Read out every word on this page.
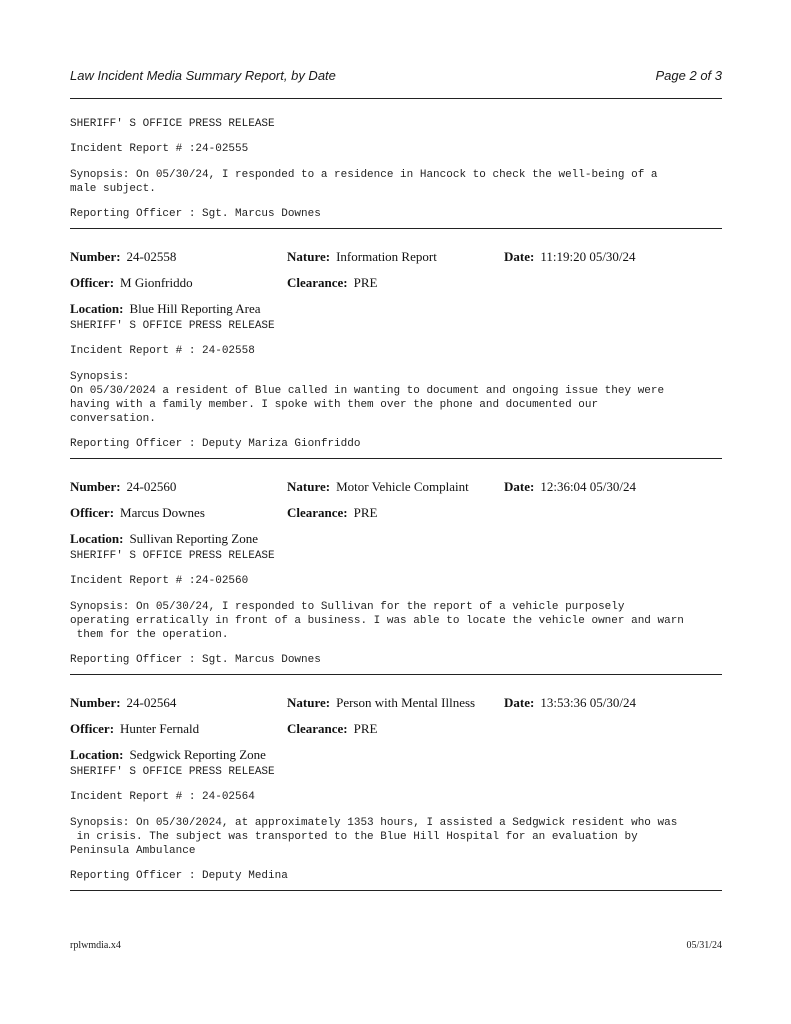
Law Incident Media Summary Report, by Date	Page 2 of 3
SHERIFF' S OFFICE PRESS RELEASE
Incident Report # :24-02555
Synopsis: On 05/30/24, I responded to a residence in Hancock to check the well-being of a
male subject.
Reporting Officer : Sgt. Marcus Downes
Number: 24-02558	Nature: Information Report	Date: 11:19:20 05/30/24
Officer: M Gionfriddo	Clearance: PRE
Location: Blue Hill Reporting Area
SHERIFF' S OFFICE PRESS RELEASE
Incident Report # : 24-02558
Synopsis:
On 05/30/2024 a resident of Blue called in wanting to document and ongoing issue they were
having with a family member. I spoke with them over the phone and documented our
conversation.
Reporting Officer : Deputy Mariza Gionfriddo
Number: 24-02560	Nature: Motor Vehicle Complaint	Date: 12:36:04 05/30/24
Officer: Marcus Downes	Clearance: PRE
Location: Sullivan Reporting Zone
SHERIFF' S OFFICE PRESS RELEASE
Incident Report # :24-02560
Synopsis: On 05/30/24, I responded to Sullivan for the report of a vehicle purposely
operating erratically in front of a business. I was able to locate the vehicle owner and warn
them for the operation.
Reporting Officer : Sgt. Marcus Downes
Number: 24-02564	Nature: Person with Mental Illness Date: 13:53:36 05/30/24
Officer: Hunter Fernald	Clearance: PRE
Location: Sedgwick Reporting Zone
SHERIFF' S OFFICE PRESS RELEASE
Incident Report # : 24-02564
Synopsis: On 05/30/2024, at approximately 1353 hours, I assisted a Sedgwick resident who was
in crisis. The subject was transported to the Blue Hill Hospital for an evaluation by
Peninsula Ambulance
Reporting Officer : Deputy Medina
rplwmdia.x4	05/31/24
